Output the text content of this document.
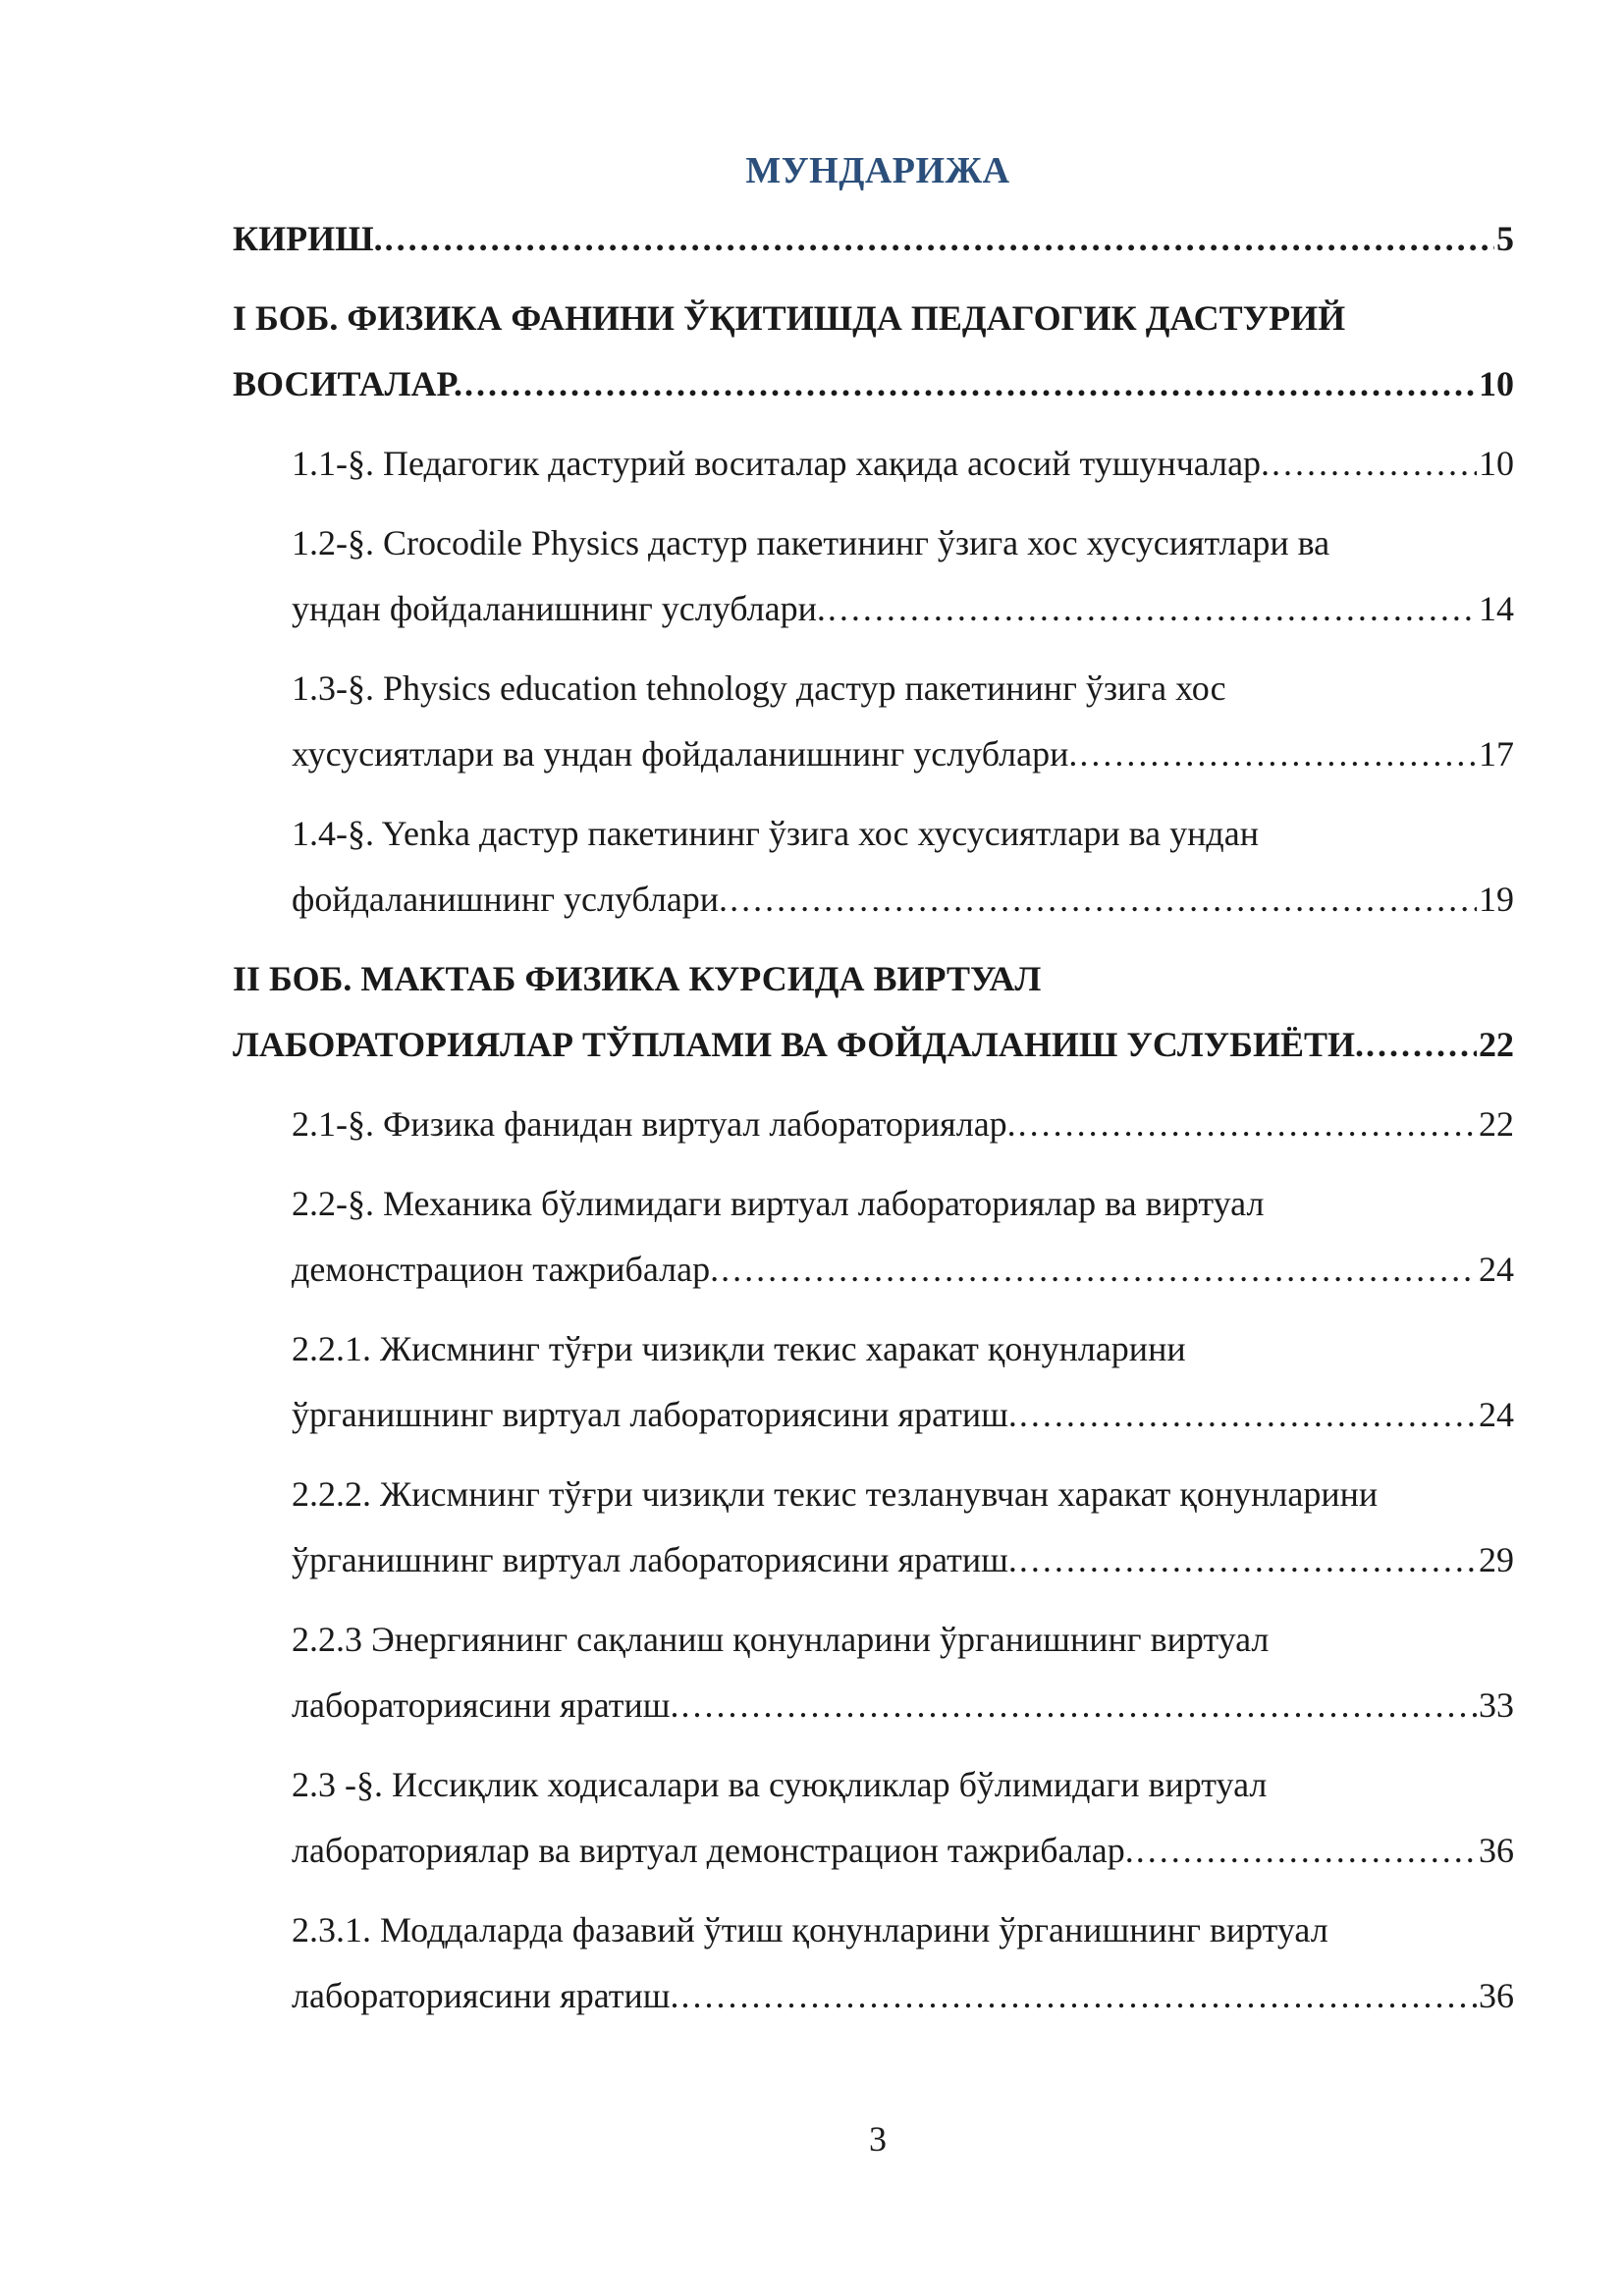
МУНДАРИЖА
КИРИШ. . . .	5
I БОБ. ФИЗИКА ФАНИНИ ЎҚИТИШДА ПЕДАГОГИК ДАСТУРИЙ
ВОСИТАЛАР. . . .	10
1.1-§. Педагогик дастурий воситалар хақида асосий тушунчалар. . . .	10
1.2-§. Crocodile Physics дастур пакетининг ўзига хос хусусиятлари ва
ундан фойдаланишнинг услублари. . . .	14
1.3-§. Physics education tehnology дастур пакетининг ўзига хос
хусусиятлари ва ундан фойдаланишнинг услублари. . . .	17
1.4-§. Yenka дастур пакетининг ўзига хос хусусиятлари ва ундан
фойдаланишнинг услублари. . . .	19
II БОБ. МАКТАБ ФИЗИКА КУРСИДА ВИРТУАЛ
ЛАБОРАТОРИЯЛАР ТЎПЛАМИ ВА ФОЙДАЛАНИШ УСЛУБИЁТИ. . . .	22
2.1-§. Физика фанидан виртуал лабораториялар. . . .	22
2.2-§. Механика бўлимидаги виртуал лабораториялар ва виртуал
демонстрацион тажрибалар. . . .	24
2.2.1. Жисмнинг тўғри чизиқли текис харакат қонунларини
ўрганишнинг виртуал лабораториясини яратиш. . . .	24
2.2.2. Жисмнинг тўғри чизиқли текис тезланувчан харакат қонунларини
ўрганишнинг виртуал лабораториясини яратиш. . . .	29
2.2.3 Энергиянинг сақланиш қонунларини ўрганишнинг виртуал
лабораториясини яратиш. . . .	33
2.3 -§. Иссиқлик ходисалари ва суюқликлар бўлимидаги виртуал
лабораториялар ва виртуал демонстрацион тажрибалар. . . .	36
2.3.1. Моддаларда фазавий ўтиш қонунларини ўрганишнинг виртуал
лабораториясини яратиш. . . .	36
3
